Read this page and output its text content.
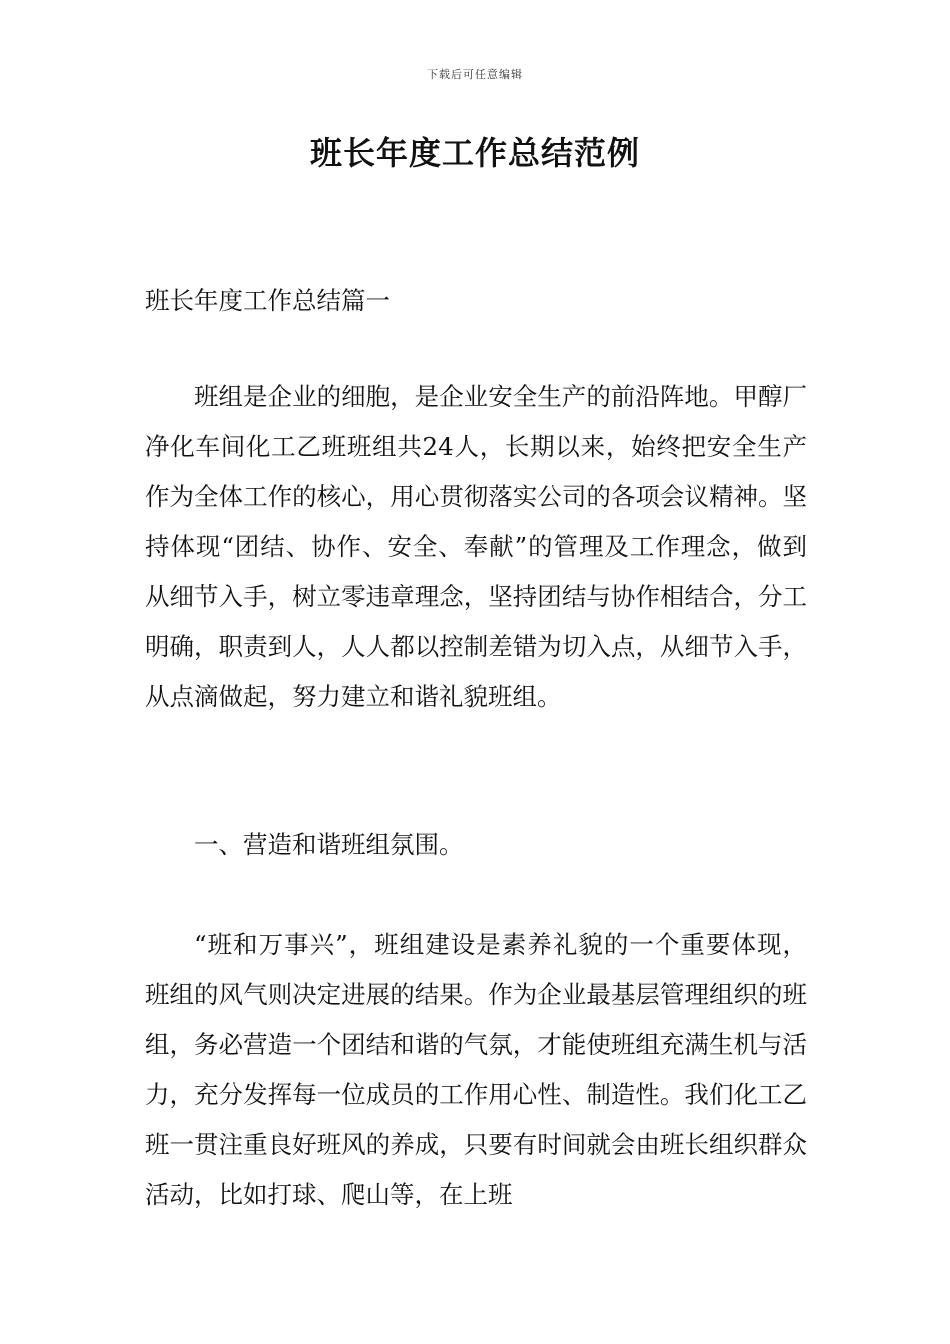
下载后可任意编辑
班长年度工作总结范例

班长年度工作总结篇一

班组是企业的细胞，是企业安全生产的前沿阵地。甲醇厂净化车间化工乙班班组共24人，长期以来，始终把安全生产作为全体工作的核心，用心贯彻落实公司的各项会议精神。坚持体现“团结、协作、安全、奉献”的管理及工作理念，做到从细节入手，树立零违章理念，坚持团结与协作相结合，分工明确，职责到人，人人都以控制差错为切入点，从细节入手，从点滴做起，努力建立和谐礼貌班组。

一、营造和谐班组氛围。

“班和万事兴”，班组建设是素养礼貌的一个重要体现，班组的风气则决定进展的结果。作为企业最基层管理组织的班组，务必营造一个团结和谐的气氛，才能使班组充满生机与活力，充分发挥每一位成员的工作用心性、制造性。我们化工乙班一贯注重良好班风的养成，只要有时间就会由班长组织群众活动，比如打球、爬山等，在上班
